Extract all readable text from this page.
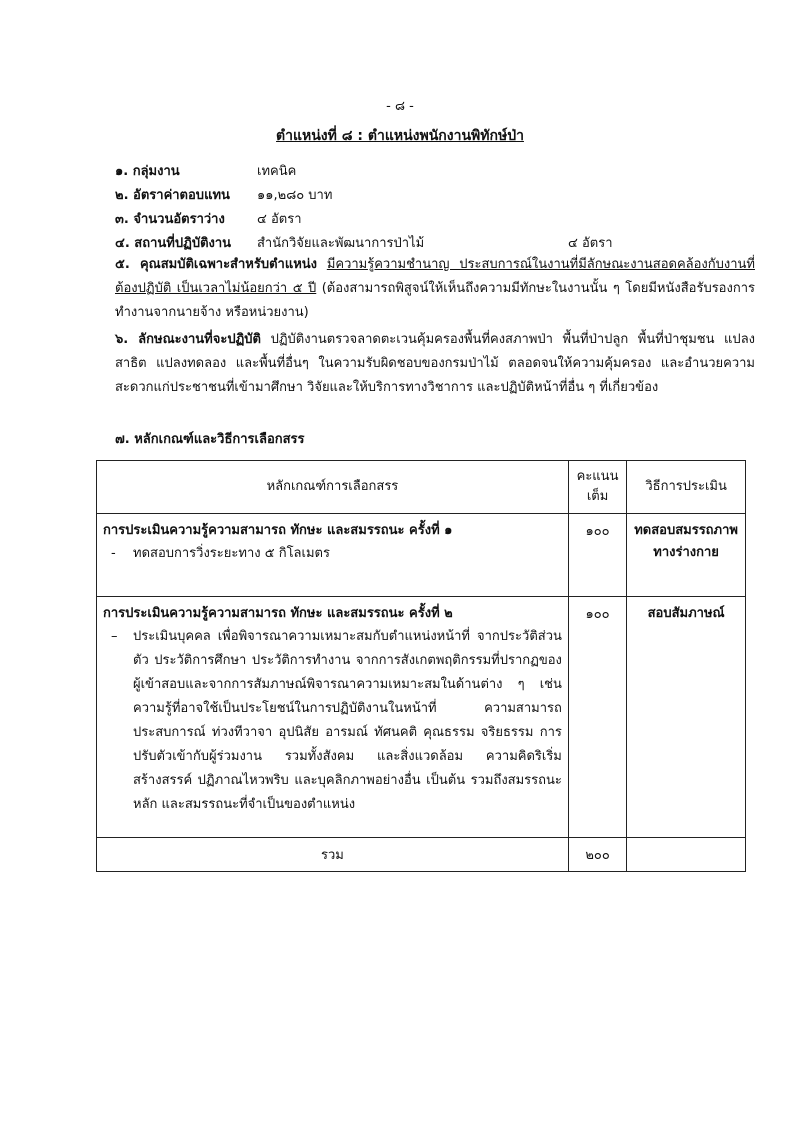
- ๘ -
ตำแหน่งที่ ๘ : ตำแหน่งพนักงานพิทักษ์ป่า
๑. กลุ่มงาน	เทคนิค
๒. อัตราค่าตอบแทน ๑๑,๒๘๐ บาท
๓. จำนวนอัตราว่าง ๔ อัตรา
๔. สถานที่ปฏิบัติงาน สำนักวิจัยและพัฒนาการป่าไม้	๔ อัตรา
๕. คุณสมบัติเฉพาะสำหรับตำแหน่ง มีความรู้ความชำนาญ ประสบการณ์ในงานที่มีลักษณะงานสอดคล้องกับงานที่ต้องปฏิบัติ เป็นเวลาไม่น้อยกว่า ๕ ปี (ต้องสามารถพิสูจน์ให้เห็นถึงความมีทักษะในงานนั้น ๆ โดยมีหนังสือรับรองการทำงานจากนายจ้าง หรือหน่วยงาน)
๖. ลักษณะงานที่จะปฏิบัติ ปฏิบัติงานตรวจลาดตะเวนคุ้มครองพื้นที่คงสภาพป่า พื้นที่ป่าปลูก พื้นที่ป่าชุมชน แปลงสาธิต แปลงทดลอง และพื้นที่อื่นๆ ในความรับผิดชอบของกรมป่าไม้ ตลอดจนให้ความคุ้มครอง และอำนวยความสะดวกแก่ประชาชนที่เข้ามาศึกษา วิจัยและให้บริการทางวิชาการ และปฏิบัติหน้าที่อื่น ๆ ที่เกี่ยวข้อง
๗. หลักเกณฑ์และวิธีการเลือกสรร
หลักเกณฑ์การเลือกสรร	คะแนนเต็ม	วิธีการประเมิน

การประเมินความรู้ความสามารถ ทักษะ และสมรรถนะ ครั้งที่ ๑
- ทดสอบการวิ่งระยะทาง ๕ กิโลเมตร	๑๐๐	ทดสอบสมรรถภาพทางร่างกาย

การประเมินความรู้ความสามารถ ทักษะ และสมรรถนะ ครั้งที่ ๒
– ประเมินบุคคล เพื่อพิจารณาความเหมาะสมกับตำแหน่งหน้าที่ จากประวัติส่วนตัว ประวัติการศึกษา ประวัติการทำงาน จากการสังเกตพฤติกรรมที่ปรากฏของผู้เข้าสอบและจากการสัมภาษณ์พิจารณาความเหมาะสมในด้านต่าง ๆ เช่น ความรู้ที่อาจใช้เป็นประโยชน์ในการปฏิบัติงานในหน้าที่ ความสามารถ ประสบการณ์ ท่วงทีวาจา อุปนิสัย อารมณ์ ทัศนคติ คุณธรรม จริยธรรม การปรับตัวเข้ากับผู้ร่วมงาน รวมทั้งสังคม และสิ่งแวดล้อม ความคิดริเริ่มสร้างสรรค์ ปฏิภาณไหวพริบ และบุคลิกภาพอย่างอื่น เป็นต้น รวมถึงสมรรถนะหลัก และสมรรถนะที่จำเป็นของตำแหน่ง	๑๐๐	สอบสัมภาษณ์
รวม	๒๐๐	
